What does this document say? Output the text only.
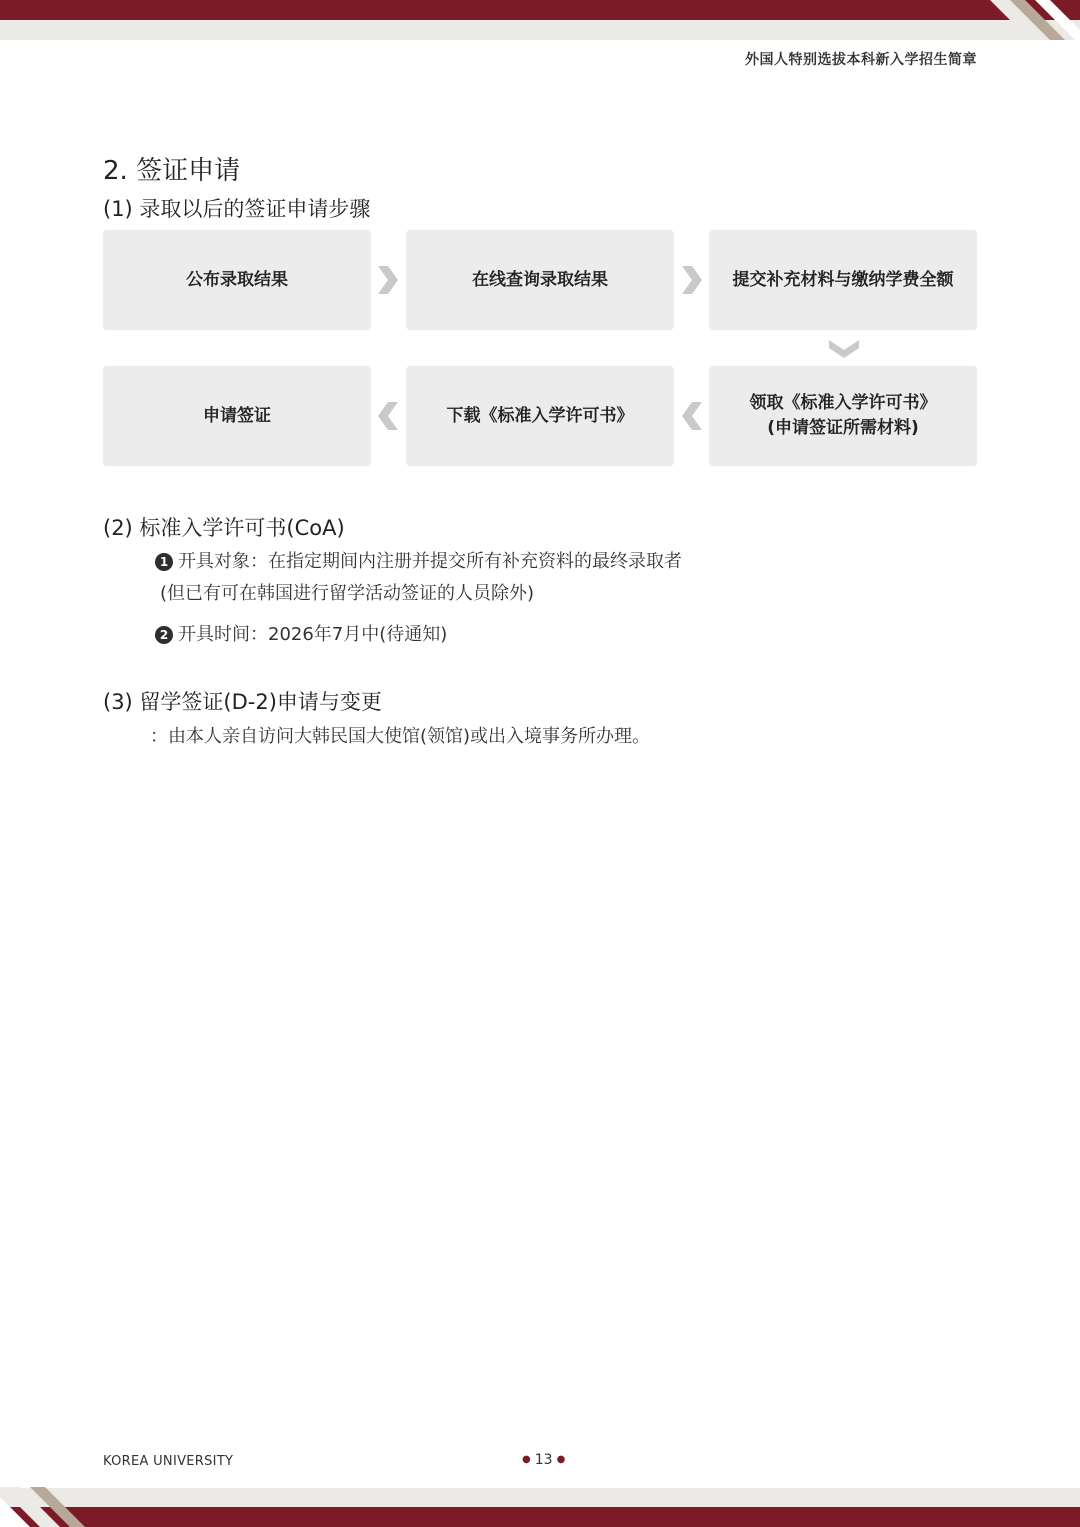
外国人特别选拔本科新入学招生简章
2. 签证申请
(1) 录取以后的签证申请步骤
公布录取结果	在线查询录取结果	提交补充材料与缴纳学费全额
申请签证	下载《标准入学许可书》
领取《标准入学许可书》
(申请签证所需材料)
(2) 标准入学许可书(CoA)
1 开具对象：在指定期间内注册并提交所有补充资料的最终录取者
(但已有可在韩国进行留学活动签证的人员除外)
2 开具时间：2026年7月中(待通知)
(3) 留学签证(D-2)申请与变更
：由本人亲自访问大韩民国大使馆(领馆)或出入境事务所办理。
KOREA UNIVERSITY	● 13 ●
